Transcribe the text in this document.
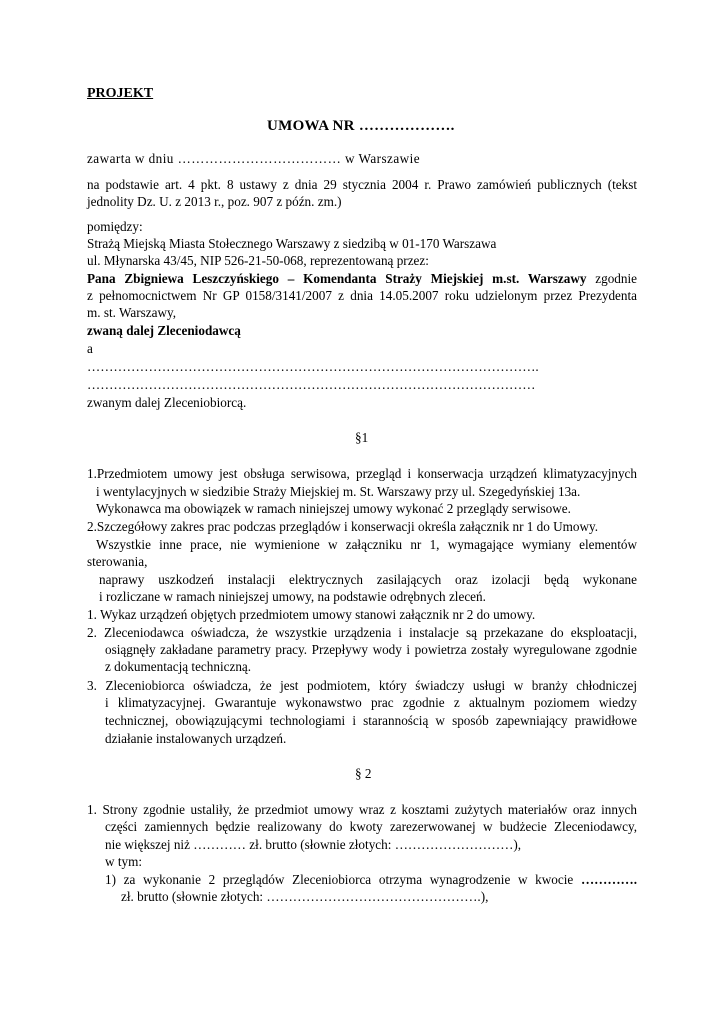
PROJEKT
UMOWA NR ……………….
zawarta w dniu ……………………………… w Warszawie
na podstawie art. 4 pkt. 8 ustawy z dnia 29 stycznia 2004 r. Prawo zamówień publicznych (tekst
jednolity Dz. U. z 2013 r., poz. 907 z późn. zm.)
pomiędzy:
Strażą Miejską Miasta Stołecznego Warszawy z siedzibą w 01-170 Warszawa
ul. Młynarska 43/45, NIP 526-21-50-068, reprezentowaną przez:
Pana Zbigniewa Leszczyńskiego – Komendanta Straży Miejskiej m.st. Warszawy zgodnie
z pełnomocnictwem Nr GP 0158/3141/2007 z dnia 14.05.2007 roku udzielonym przez Prezydenta
m. st. Warszawy,
zwaną dalej Zleceniodawcą
a
………………………………………………………………………………………….
…………………………………………………………………………………………
zwanym dalej Zleceniobiorcą.
§1
1.Przedmiotem umowy jest obsługa serwisowa, przegląd i konserwacja urządzeń klimatyzacyjnych
i wentylacyjnych w siedzibie Straży Miejskiej m. St. Warszawy przy ul. Szegedyńskiej 13a.
Wykonawca ma obowiązek w ramach niniejszej umowy wykonać 2 przeglądy serwisowe.
2.Szczegółowy zakres prac podczas przeglądów i konserwacji określa załącznik nr 1 do Umowy.
Wszystkie inne prace, nie wymienione w załączniku nr 1, wymagające wymiany elementów
sterowania,
naprawy uszkodzeń instalacji elektrycznych zasilających oraz izolacji będą wykonane
i rozliczane w ramach niniejszej umowy, na podstawie odrębnych zleceń.
1. Wykaz urządzeń objętych przedmiotem umowy stanowi załącznik nr 2 do umowy.
2. Zleceniodawca oświadcza, że wszystkie urządzenia i instalacje są przekazane do eksploatacji,
osiągnęły zakładane parametry pracy. Przepływy wody i powietrza zostały wyregulowane zgodnie
z dokumentacją techniczną.
3. Zleceniobiorca oświadcza, że jest podmiotem, który świadczy usługi w branży chłodniczej
i klimatyzacyjnej. Gwarantuje wykonawstwo prac zgodnie z aktualnym poziomem wiedzy
technicznej, obowiązującymi technologiami i starannością w sposób zapewniający prawidłowe
działanie instalowanych urządzeń.
§ 2
1. Strony zgodnie ustaliły, że przedmiot umowy wraz z kosztami zużytych materiałów oraz innych
części zamiennych będzie realizowany do kwoty zarezerwowanej w budżecie Zleceniodawcy,
nie większej niż ………… zł. brutto (słownie złotych: ………………………),
w tym:
1) za wykonanie 2 przeglądów Zleceniobiorca otrzyma wynagrodzenie w kwocie ………….
zł. brutto (słownie złotych: ………………………………………….),
